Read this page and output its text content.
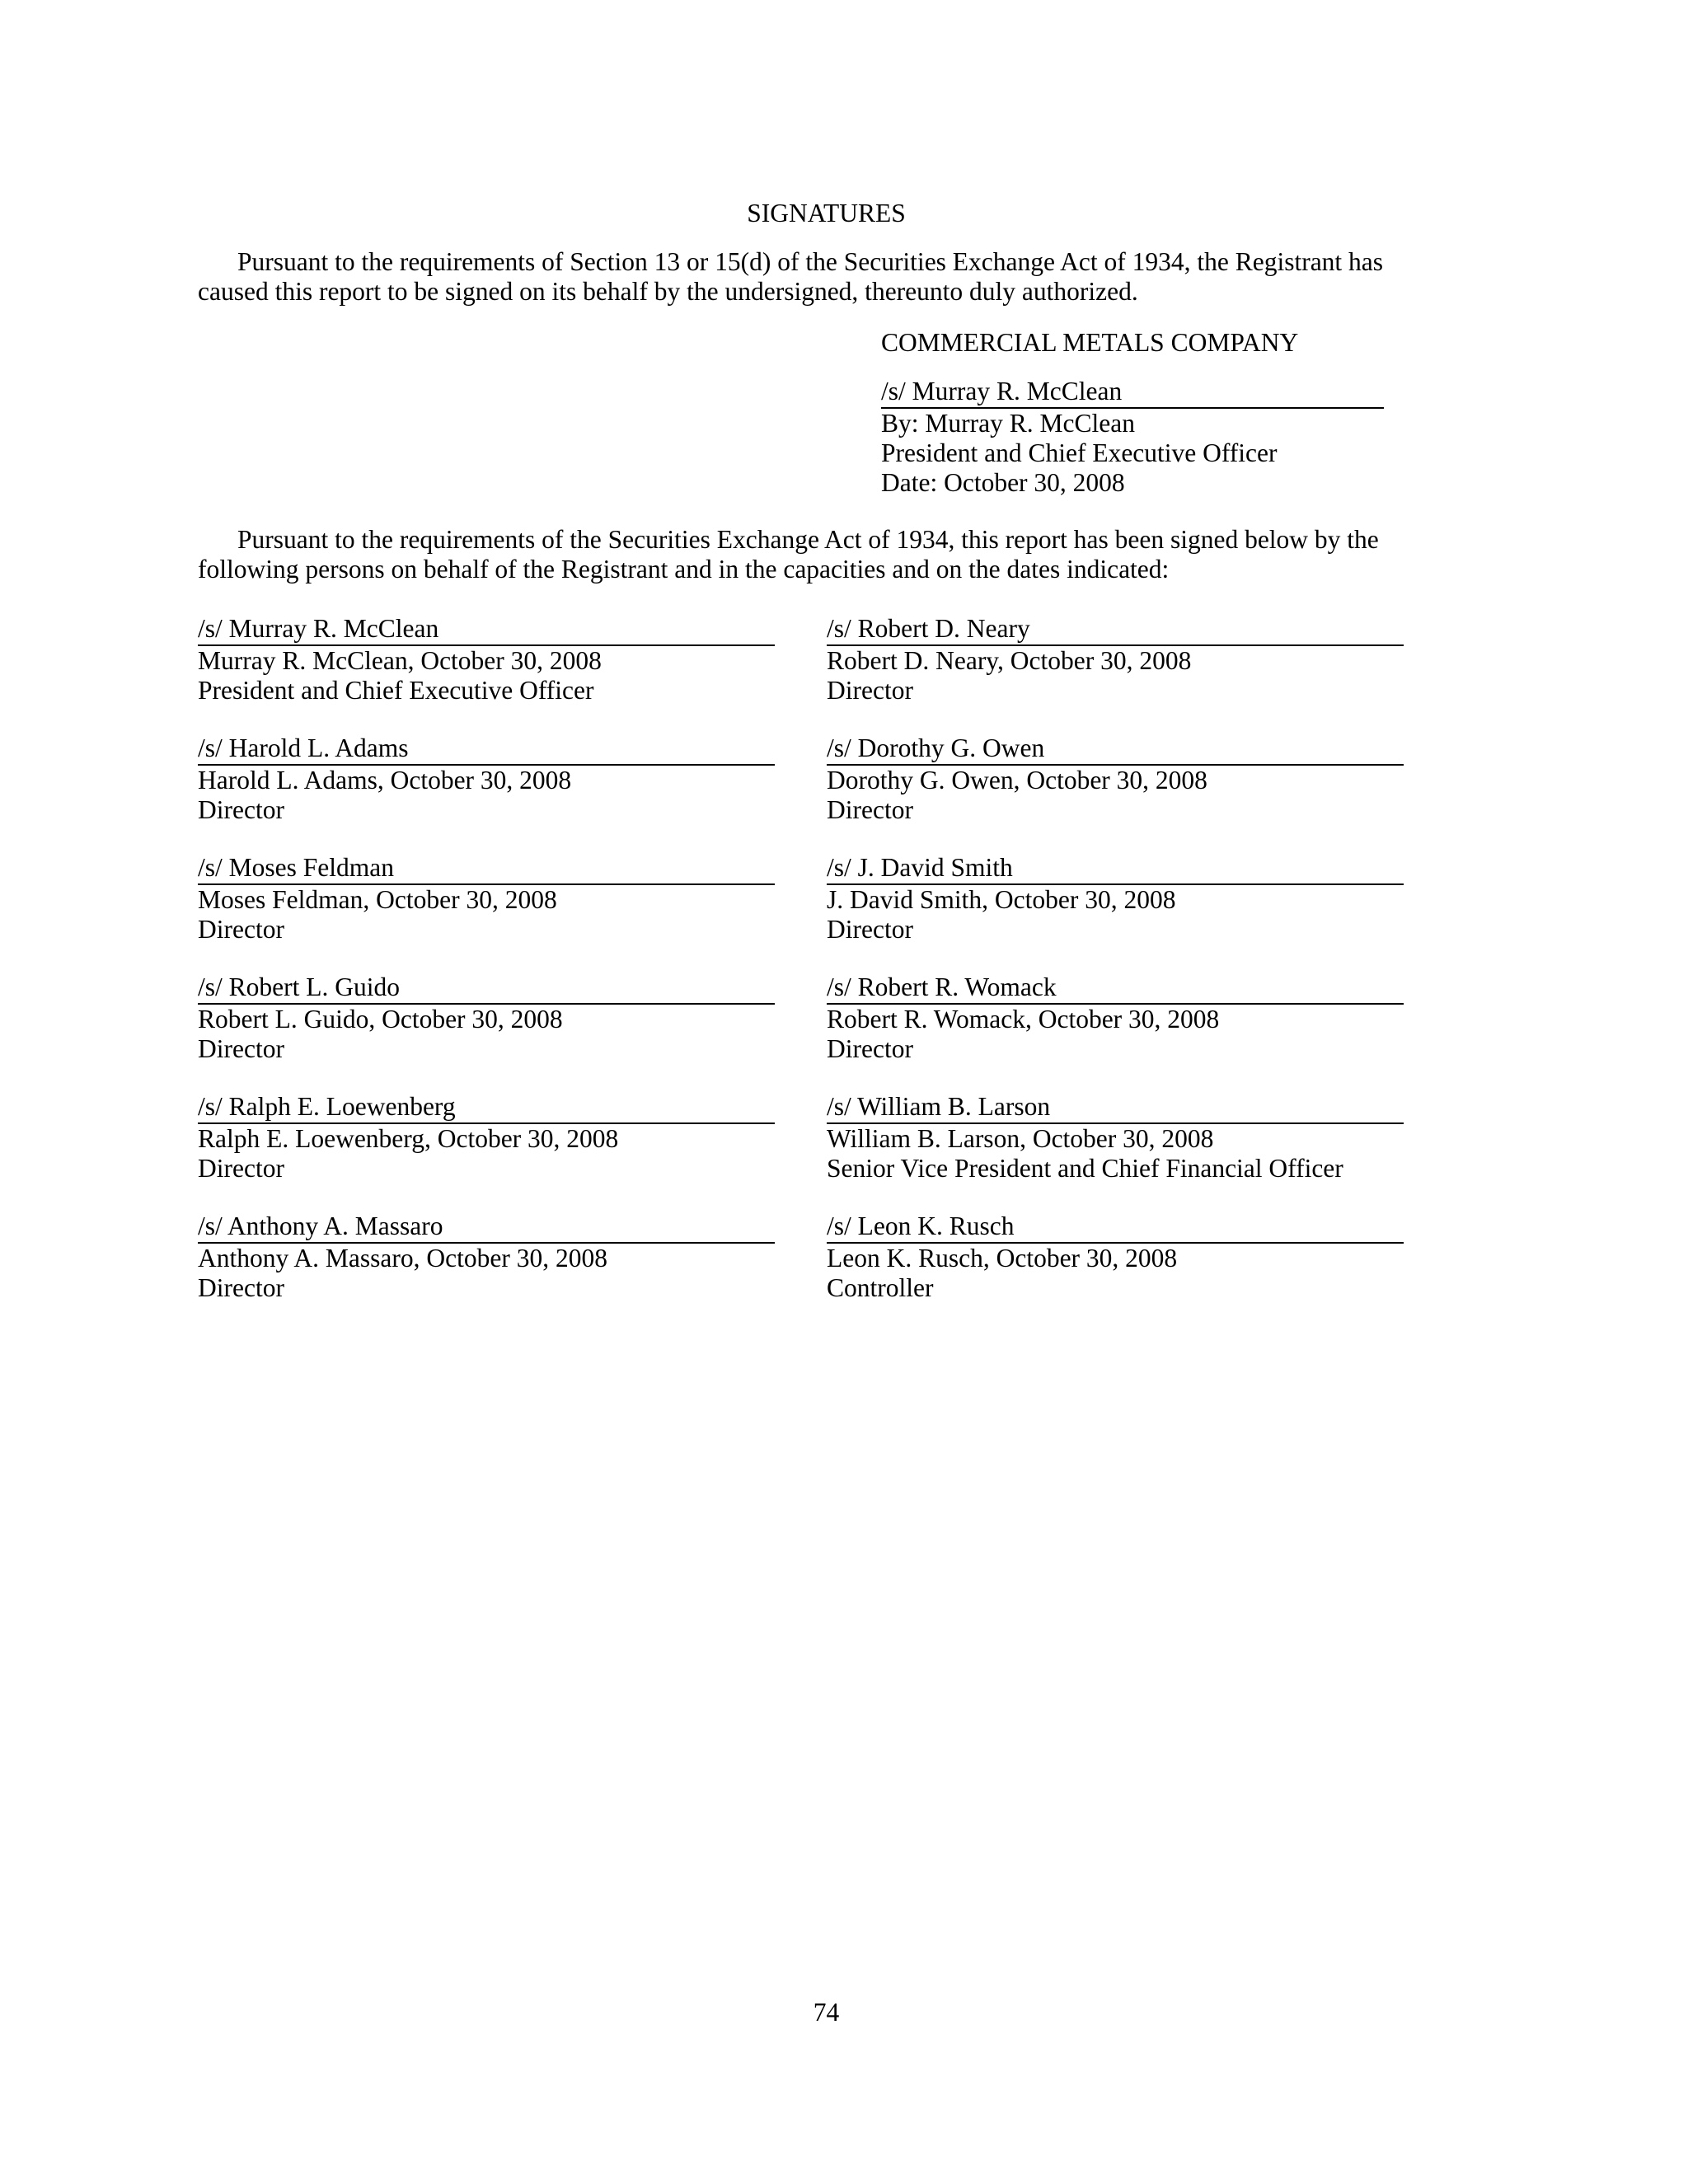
SIGNATURES
Pursuant to the requirements of Section 13 or 15(d) of the Securities Exchange Act of 1934, the Registrant has caused this report to be signed on its behalf by the undersigned, thereunto duly authorized.
COMMERCIAL METALS COMPANY
/s/ Murray R. McClean
By: Murray R. McClean
President and Chief Executive Officer
Date: October 30, 2008
Pursuant to the requirements of the Securities Exchange Act of 1934, this report has been signed below by the following persons on behalf of the Registrant and in the capacities and on the dates indicated:
/s/ Murray R. McClean
Murray R. McClean, October 30, 2008
President and Chief Executive Officer
/s/ Robert D. Neary
Robert D. Neary, October 30, 2008
Director
/s/ Harold L. Adams
Harold L. Adams, October 30, 2008
Director
/s/ Dorothy G. Owen
Dorothy G. Owen, October 30, 2008
Director
/s/ Moses Feldman
Moses Feldman, October 30, 2008
Director
/s/ J. David Smith
J. David Smith, October 30, 2008
Director
/s/ Robert L. Guido
Robert L. Guido, October 30, 2008
Director
/s/ Robert R. Womack
Robert R. Womack, October 30, 2008
Director
/s/ Ralph E. Loewenberg
Ralph E. Loewenberg, October 30, 2008
Director
/s/ William B. Larson
William B. Larson, October 30, 2008
Senior Vice President and Chief Financial Officer
/s/ Anthony A. Massaro
Anthony A. Massaro, October 30, 2008
Director
/s/ Leon K. Rusch
Leon K. Rusch, October 30, 2008
Controller
74
